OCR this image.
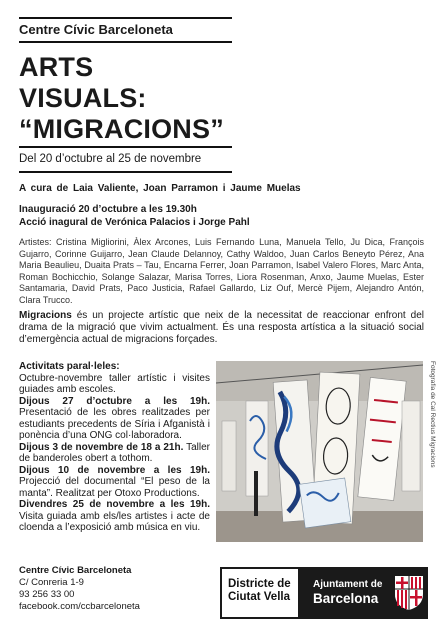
Centre Cívic Barceloneta
ARTS
VISUALS:
“MIGRACIONS”
Del 20 d’octubre al 25 de novembre
A cura de Laia Valiente, Joan Parramon i Jaume Muelas
Inauguració 20 d’octubre a les 19.30h
Acció inagural de Verónica Palacios i Jorge Pahl
Artistes: Cristina Migliorini, Àlex Arcones, Luis Fernando Luna, Manuela Tello, Ju Dica, François Gujarro, Corinne Guijarro, Jean Claude Delannoy, Cathy Waldoo, Juan Carlos Beneyto Pérez, Ana Maria Beaulieu, Duaita Prats – Tau, Encarna Ferrer, Joan Parramon, Isabel Valero Flores, Marc Anta, Roman Bochicchio, Solange Salazar, Marisa Torres, Liora Rosenman, Anxo, Jaume Muelas, Ester Santamaria, David Prats, Paco Justicia, Rafael Gallardo, Liz Ouf, Mercè Pijem, Alejandro Antón, Clara Trucco.
Migracions és un projecte artístic que neix de la necessitat de reaccionar enfront del drama de la migració que vivim actualment. És una resposta artística a la situació social d’emergència actual de migracions forçades.
Activitats paral·leles:
Octubre-novembre taller artístic i visites guiades amb escoles.
Dijous 27 d’octubre a les 19h. Presentació de les obres realitzades per estudiants precedents de Síria i Afganistà i ponència d’una ONG col·laboradora.
Dijous 3 de novembre de 18 a 21h. Taller de banderoles obert a tothom.
Dijous 10 de novembre a les 19h. Projecció del documental “El peso de la manta”. Realitzat per Otoxo Productions.
Divendres 25 de novembre a les 19h. Visita guiada amb els/les artistes i acte de cloenda a l’exposició amb música en viu.
Fotografia de Cal Rectius Migracions
Centre Cívic Barceloneta
C/ Conreria 1-9
93 256 33 00
facebook.com/ccbarceloneta
Districte de
Ciutat Vella
Ajuntament de
Barcelona
